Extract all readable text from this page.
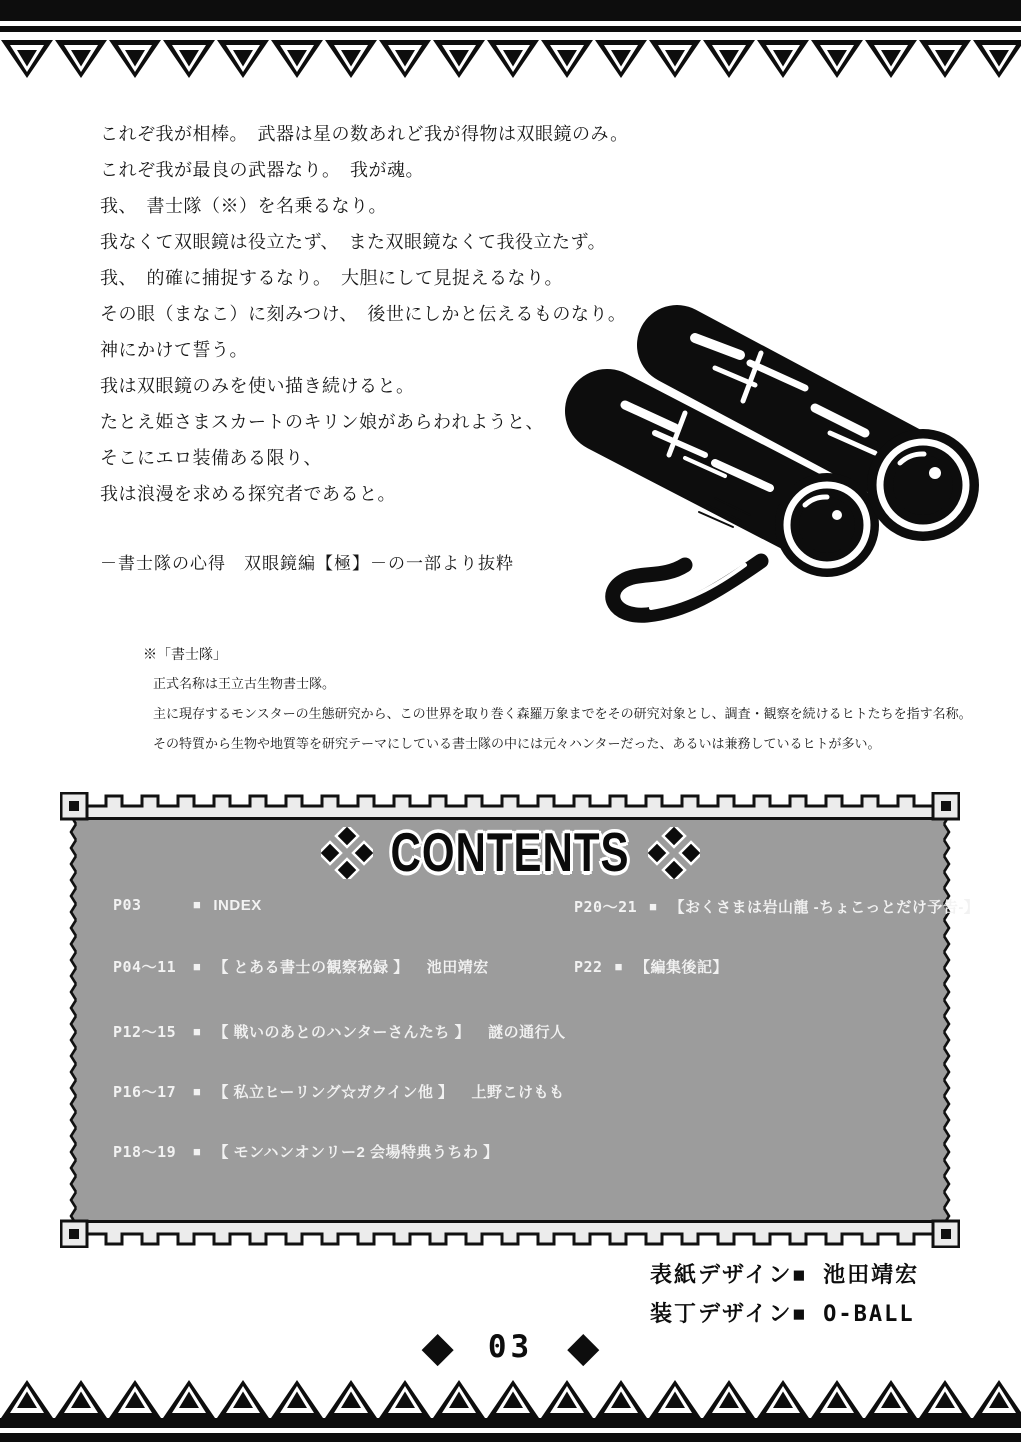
これぞ我が相棒。　武器は星の数あれど我が得物は双眼鏡のみ。
これぞ我が最良の武器なり。　我が魂。
我、　書士隊（※）を名乗るなり。
我なくて双眼鏡は役立たず、　また双眼鏡なくて我役立たず。
我、　的確に捕捉するなり。　大胆にして見捉えるなり。
その眼（まなこ）に刻みつけ、　後世にしかと伝えるものなり。
神にかけて誓う。
我は双眼鏡のみを使い描き続けると。
たとえ姫さまスカートのキリン娘があらわれようと、
そこにエロ装備ある限り、
我は浪漫を求める探究者であると。
－書士隊の心得　双眼鏡編【極】－の一部より抜粋
※「書士隊」
正式名称は王立古生物書士隊。
主に現存するモンスターの生態研究から、この世界を取り巻く森羅万象までをその研究対象とし、調査・観察を続けるヒトたちを指す名称。
その特質から生物や地質等を研究テーマにしている書士隊の中には元々ハンターだった、あるいは兼務しているヒトが多い。
CONTENTS
P03	■ INDEX
P04～11 ■ 【 とある書士の観察秘録 】 池田靖宏
P12～15 ■ 【 戦いのあとのハンターさんたち 】 謎の通行人
P16～17 ■ 【 私立ヒーリング☆ガクイン他 】 上野こけもも
P18～19 ■ 【 モンハンオンリー2 会場特典うちわ 】
P20～21 ■ 【おくさまは岩山龍 ‐ちょこっとだけ予告‐】
P22 ■ 【編集後記】
表紙デザイン■ 池田靖宏
装丁デザイン■ O-BALL
◆ 03 ◆
